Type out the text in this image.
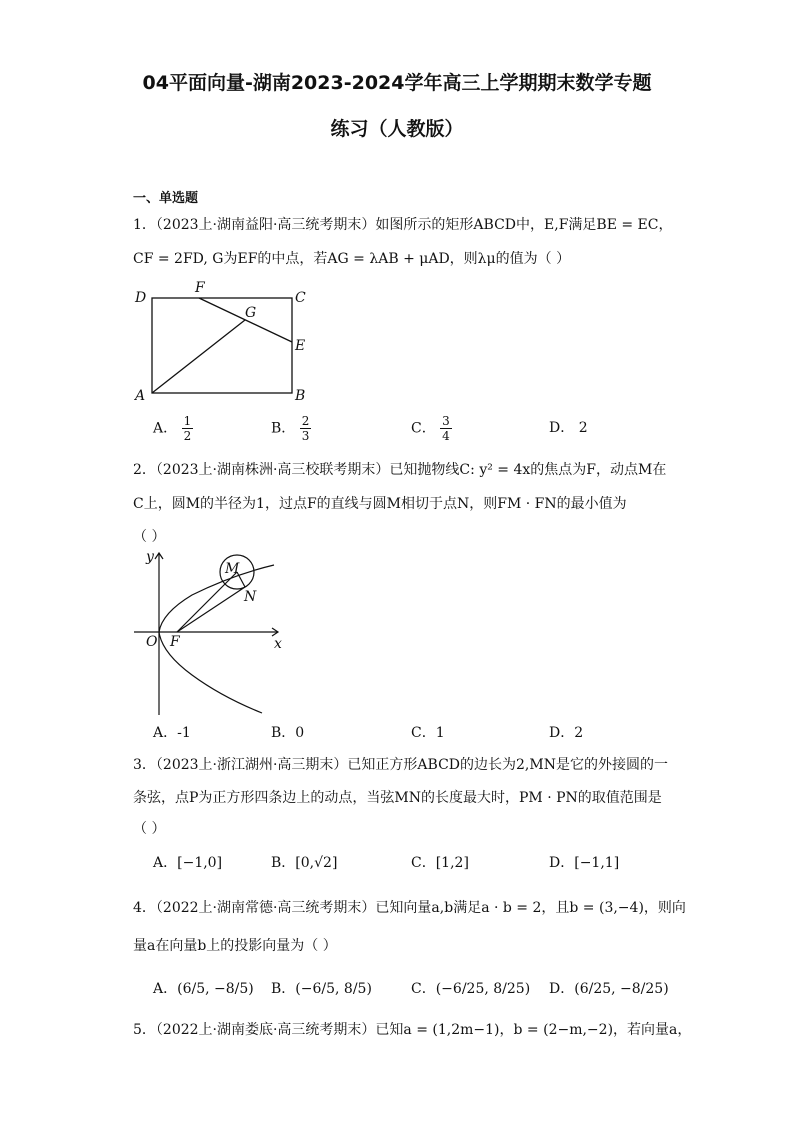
04平面向量-湖南2023-2024学年高三上学期期末数学专题
练习（人教版）
一、单选题
1．（2023上·湖南益阳·高三统考期末）如图所示的矩形ABCD中，E,F满足BE = EC，
CF = 2FD, G为EF的中点，若AG = λAB + μAD，则λμ的值为（ ）
D
F
C
G
E
A	B
A． $\frac{1}{2}$	B． $\frac{2}{3}$	C． $\frac{3}{4}$	D． 2
2．（2023上·湖南株洲·高三校联考期末）已知抛物线C: y² = 4x的焦点为F，动点M在
C上，圆M的半径为1，过点F的直线与圆M相切于点N，则FM · FN的最小值为
（ ）
y
x
O F
M
N
A．-1	B．0	C．1	D．2
3．（2023上·浙江湖州·高三期末）已知正方形ABCD的边长为2,MN是它的外接圆的一
条弦，点P为正方形四条边上的动点，当弦MN的长度最大时，PM · PN的取值范围是
（ ）
A．[−1,0]	B．[0,√2]	C．[1,2]	D．[−1,1]
4．（2022上·湖南常德·高三统考期末）已知向量a,b满足a · b = 2，且b = (3,−4)，则向
量a在向量b上的投影向量为（ ）
A．(6/5, −8/5) B．(−6/5, 8/5)	C．(−6/25, 8/25) D．(6/25, −8/25)
5．（2022上·湖南娄底·高三统考期末）已知a = (1,2m−1)，b = (2−m,−2)，若向量a，
